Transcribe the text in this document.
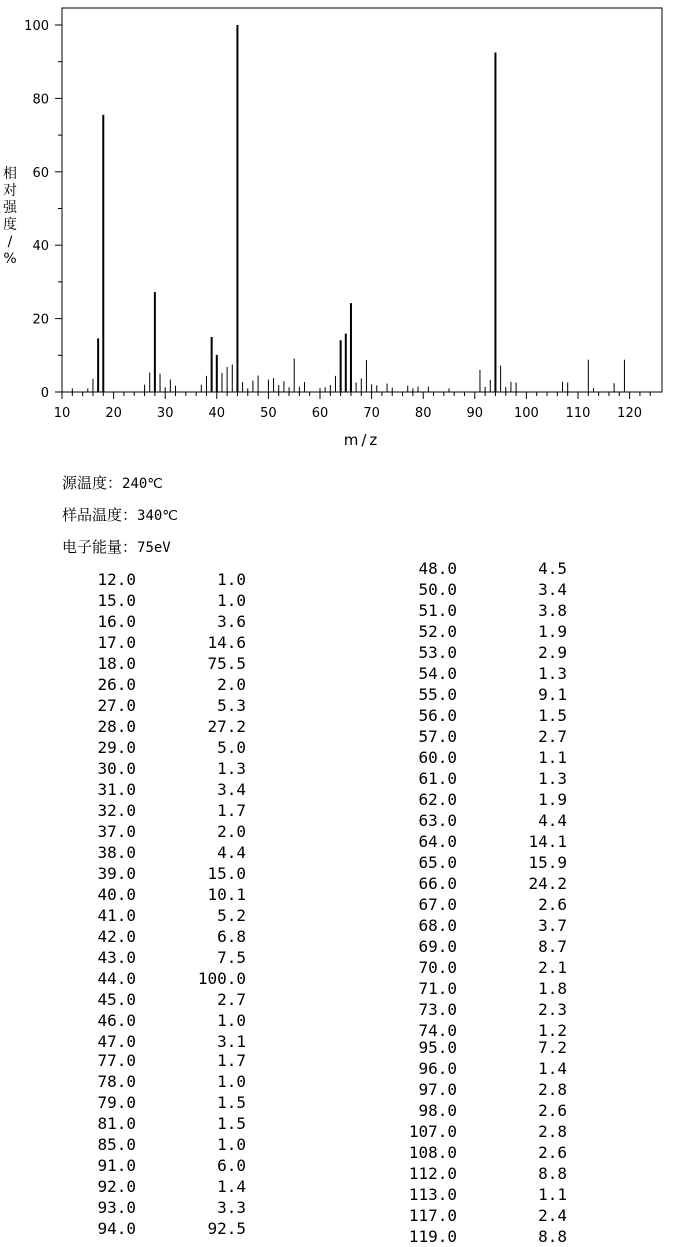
0
20
40
60
80
100
10	20	30	40	50	60	70	80	90 100 110 120
m/z
相对强度/ %
源温度：240℃
样品温度：340℃
电子能量：75eV
12.0	1.0
15.0	1.0
16.0	3.6
17.0	14.6
18.0	75.5
26.0	2.0
27.0	5.3
28.0	27.2
29.0	5.0
30.0	1.3
31.0	3.4
32.0	1.7
37.0	2.0
38.0	4.4
39.0	15.0
40.0	10.1
41.0	5.2
42.0	6.8
43.0	7.5
44.0	100.0
45.0	2.7
46.0	1.0
47.0	3.1
77.0	1.7
78.0	1.0
79.0	1.5
81.0	1.5
85.0	1.0
91.0	6.0
92.0	1.4
93.0	3.3
94.0	92.5
48.0	4.5
50.0	3.4
51.0	3.8
52.0	1.9
53.0	2.9
54.0	1.3
55.0	9.1
56.0	1.5
57.0	2.7
60.0	1.1
61.0	1.3
62.0	1.9
63.0	4.4
64.0	14.1
65.0	15.9
66.0	24.2
67.0	2.6
68.0	3.7
69.0	8.7
70.0	2.1
71.0	1.8
73.0	2.3
74.0	1.2
95.0	7.2
96.0	1.4
97.0	2.8
98.0	2.6
107.0	2.8
108.0	2.6
112.0	8.8
113.0	1.1
117.0	2.4
119.0	8.8
